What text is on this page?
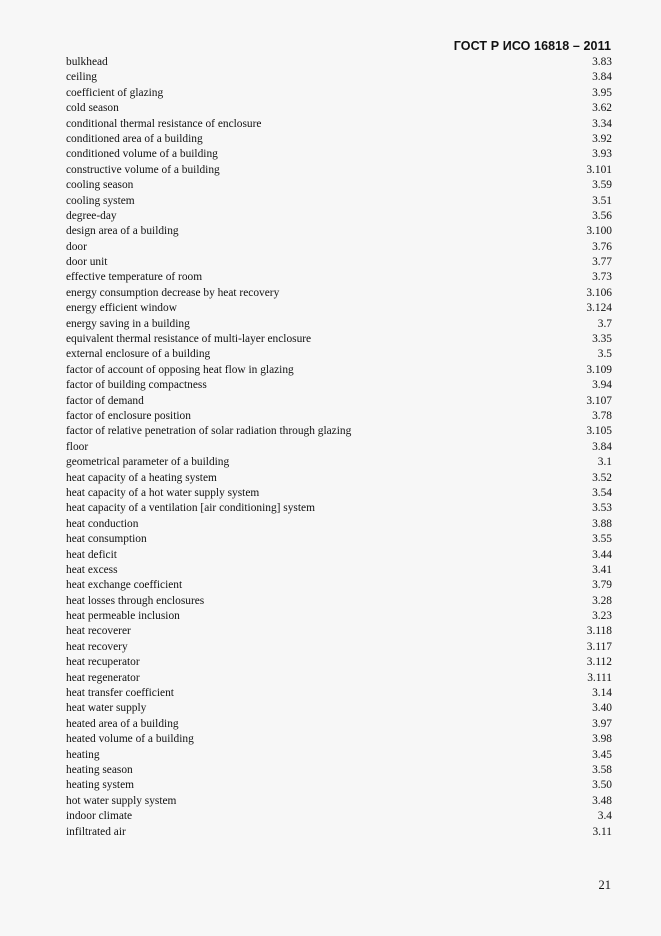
ГОСТ Р ИСО 16818 – 2011
bulkhead	3.83
ceiling	3.84
coefficient of glazing	3.95
cold season	3.62
conditional thermal resistance of enclosure	3.34
conditioned area of a building	3.92
conditioned volume of a building	3.93
constructive volume of a building	3.101
cooling season	3.59
cooling system	3.51
degree-day	3.56
design area of a building	3.100
door	3.76
door unit	3.77
effective temperature of room	3.73
energy consumption decrease by heat recovery	3.106
energy efficient window	3.124
energy saving in a building	3.7
equivalent thermal resistance of multi-layer enclosure	3.35
external enclosure of a building	3.5
factor of account of opposing heat flow in glazing	3.109
factor of building compactness	3.94
factor of demand	3.107
factor of enclosure position	3.78
factor of relative penetration of solar radiation through glazing	3.105
floor	3.84
geometrical parameter of a building	3.1
heat capacity of a heating system	3.52
heat capacity of a hot water supply system	3.54
heat capacity of a ventilation [air conditioning] system	3.53
heat conduction	3.88
heat consumption	3.55
heat deficit	3.44
heat excess	3.41
heat exchange coefficient	3.79
heat losses through enclosures	3.28
heat permeable inclusion	3.23
heat recoverer	3.118
heat recovery	3.117
heat recuperator	3.112
heat regenerator	3.111
heat transfer coefficient	3.14
heat water supply	3.40
heated area of a building	3.97
heated volume of a building	3.98
heating	3.45
heating season	3.58
heating system	3.50
hot water supply system	3.48
indoor climate	3.4
infiltrated air	3.11
21
